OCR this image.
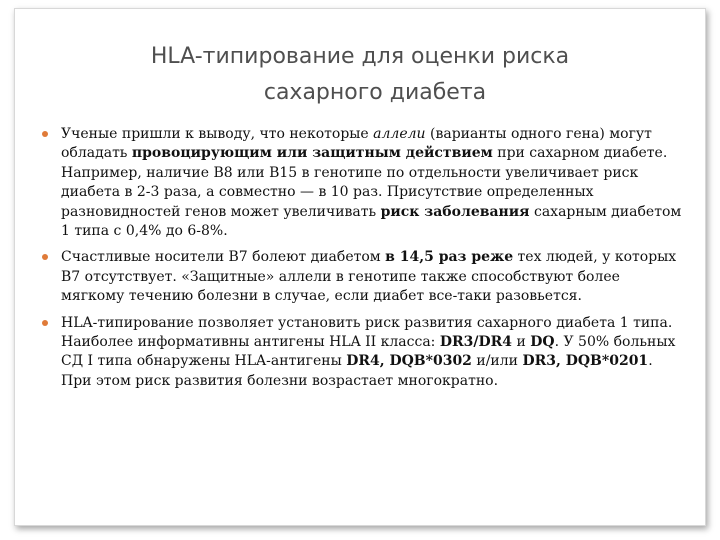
HLA-типирование для оценки риска
сахарного диабета
Ученые пришли к выводу, что некоторые аллели (варианты одного гена) могут обладать провоцирующим или защитным действием при сахарном диабете. Например, наличие В8 или В15 в генотипе по отдельности увеличивает риск диабета в 2-3 раза, а совместно — в 10 раз. Присутствие определенных разновидностей генов может увеличивать риск заболевания сахарным диабетом 1 типа с 0,4% до 6-8%.
Счастливые носители В7 болеют диабетом в 14,5 раз реже тех людей, у которых В7 отсутствует. «Защитные» аллели в генотипе также способствуют более мягкому течению болезни в случае, если диабет все-таки разовьется.
HLA-типирование позволяет установить риск развития сахарного диабета 1 типа. Наиболее информативны антигены HLA II класса: DR3/DR4 и DQ. У 50% больных СД I типа обнаружены HLA-антигены DR4, DQB*0302 и/или DR3, DQB*0201. При этом риск развития болезни возрастает многократно.
